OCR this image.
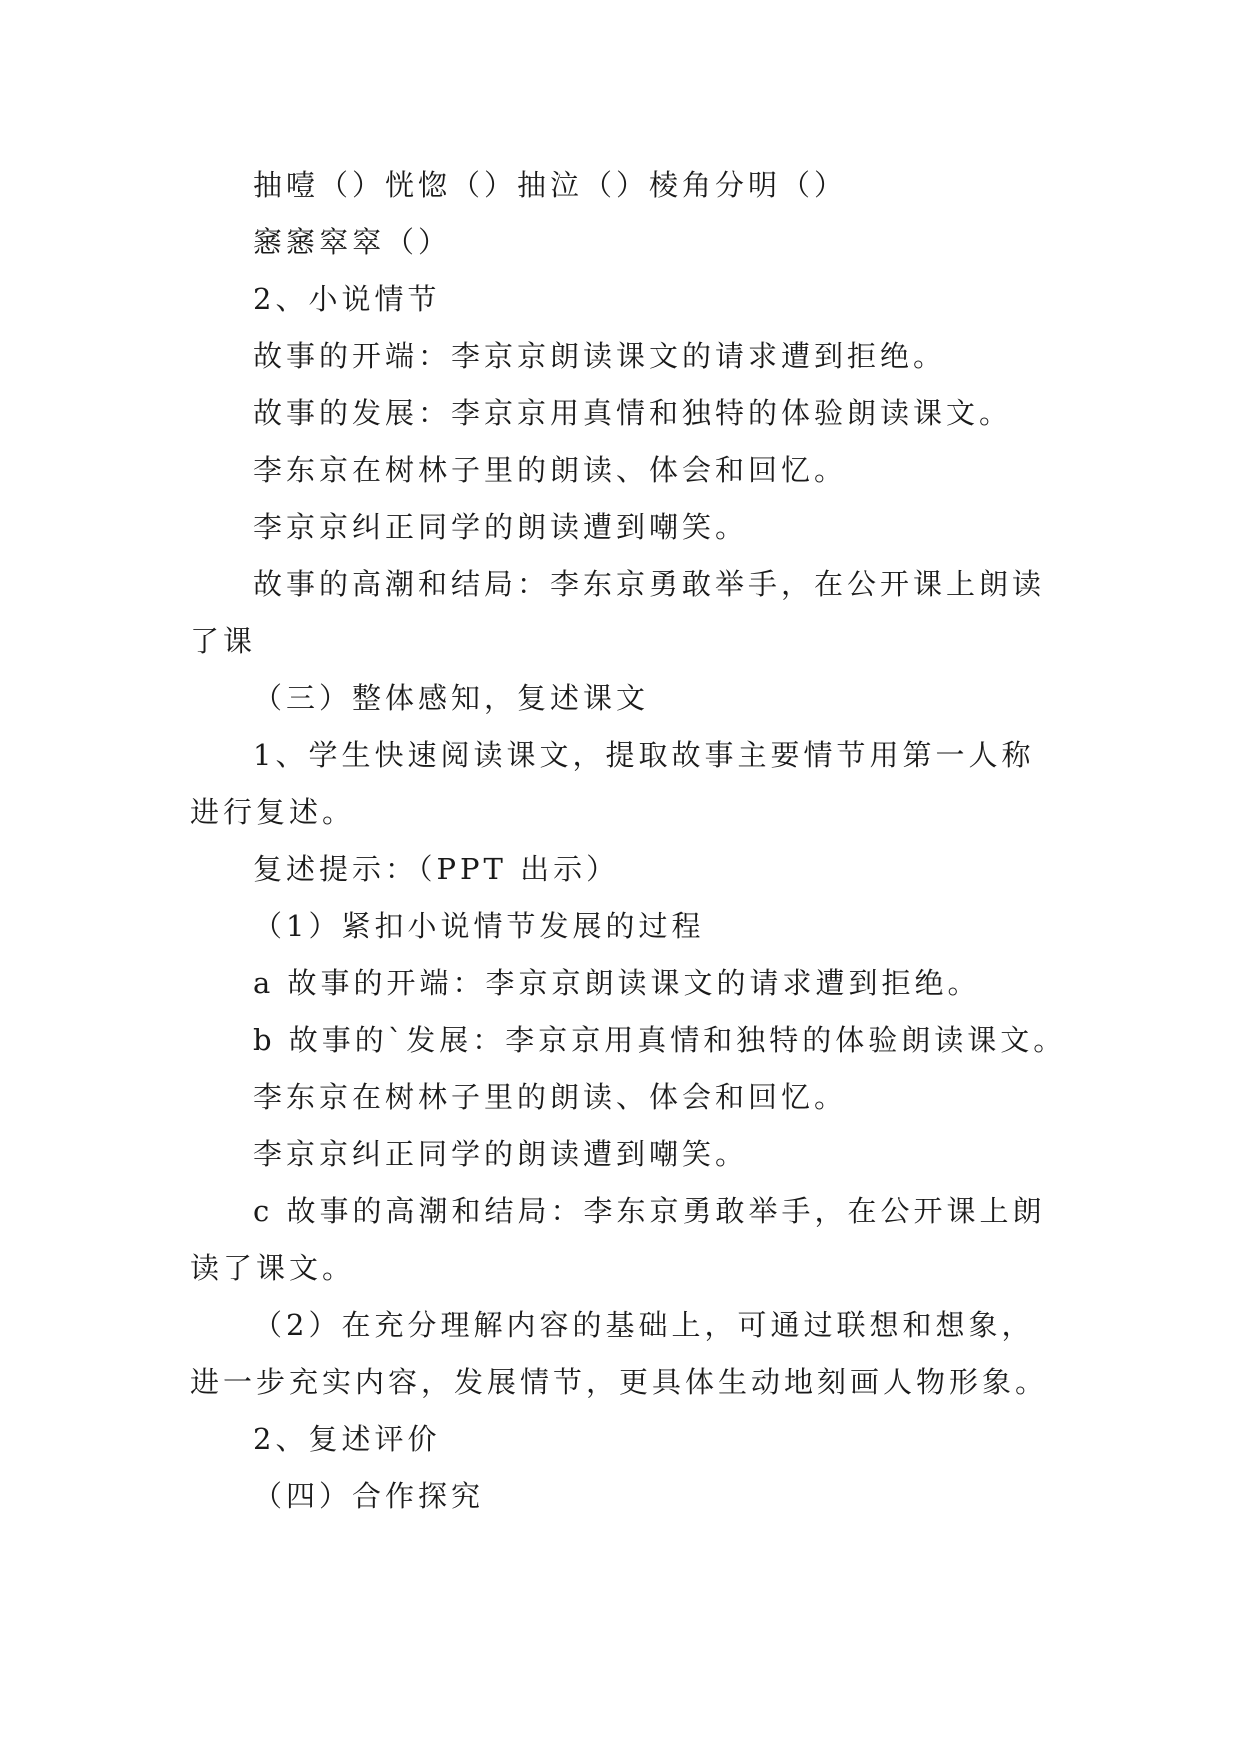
抽噎（）恍惚（）抽泣（）棱角分明（）
窸窸窣窣（）
2、小说情节
故事的开端：李京京朗读课文的请求遭到拒绝。
故事的发展：李京京用真情和独特的体验朗读课文。
李东京在树林子里的朗读、体会和回忆。
李京京纠正同学的朗读遭到嘲笑。
故事的高潮和结局：李东京勇敢举手，在公开课上朗读
了课
（三）整体感知，复述课文
1、学生快速阅读课文，提取故事主要情节用第一人称
进行复述。
复述提示：（PPT 出示）
（1）紧扣小说情节发展的过程
a 故事的开端：李京京朗读课文的请求遭到拒绝。
b 故事的`发展：李京京用真情和独特的体验朗读课文。
李东京在树林子里的朗读、体会和回忆。
李京京纠正同学的朗读遭到嘲笑。
c 故事的高潮和结局：李东京勇敢举手，在公开课上朗
读了课文。
（2）在充分理解内容的基础上，可通过联想和想象，
进一步充实内容，发展情节，更具体生动地刻画人物形象。
2、复述评价
（四）合作探究
